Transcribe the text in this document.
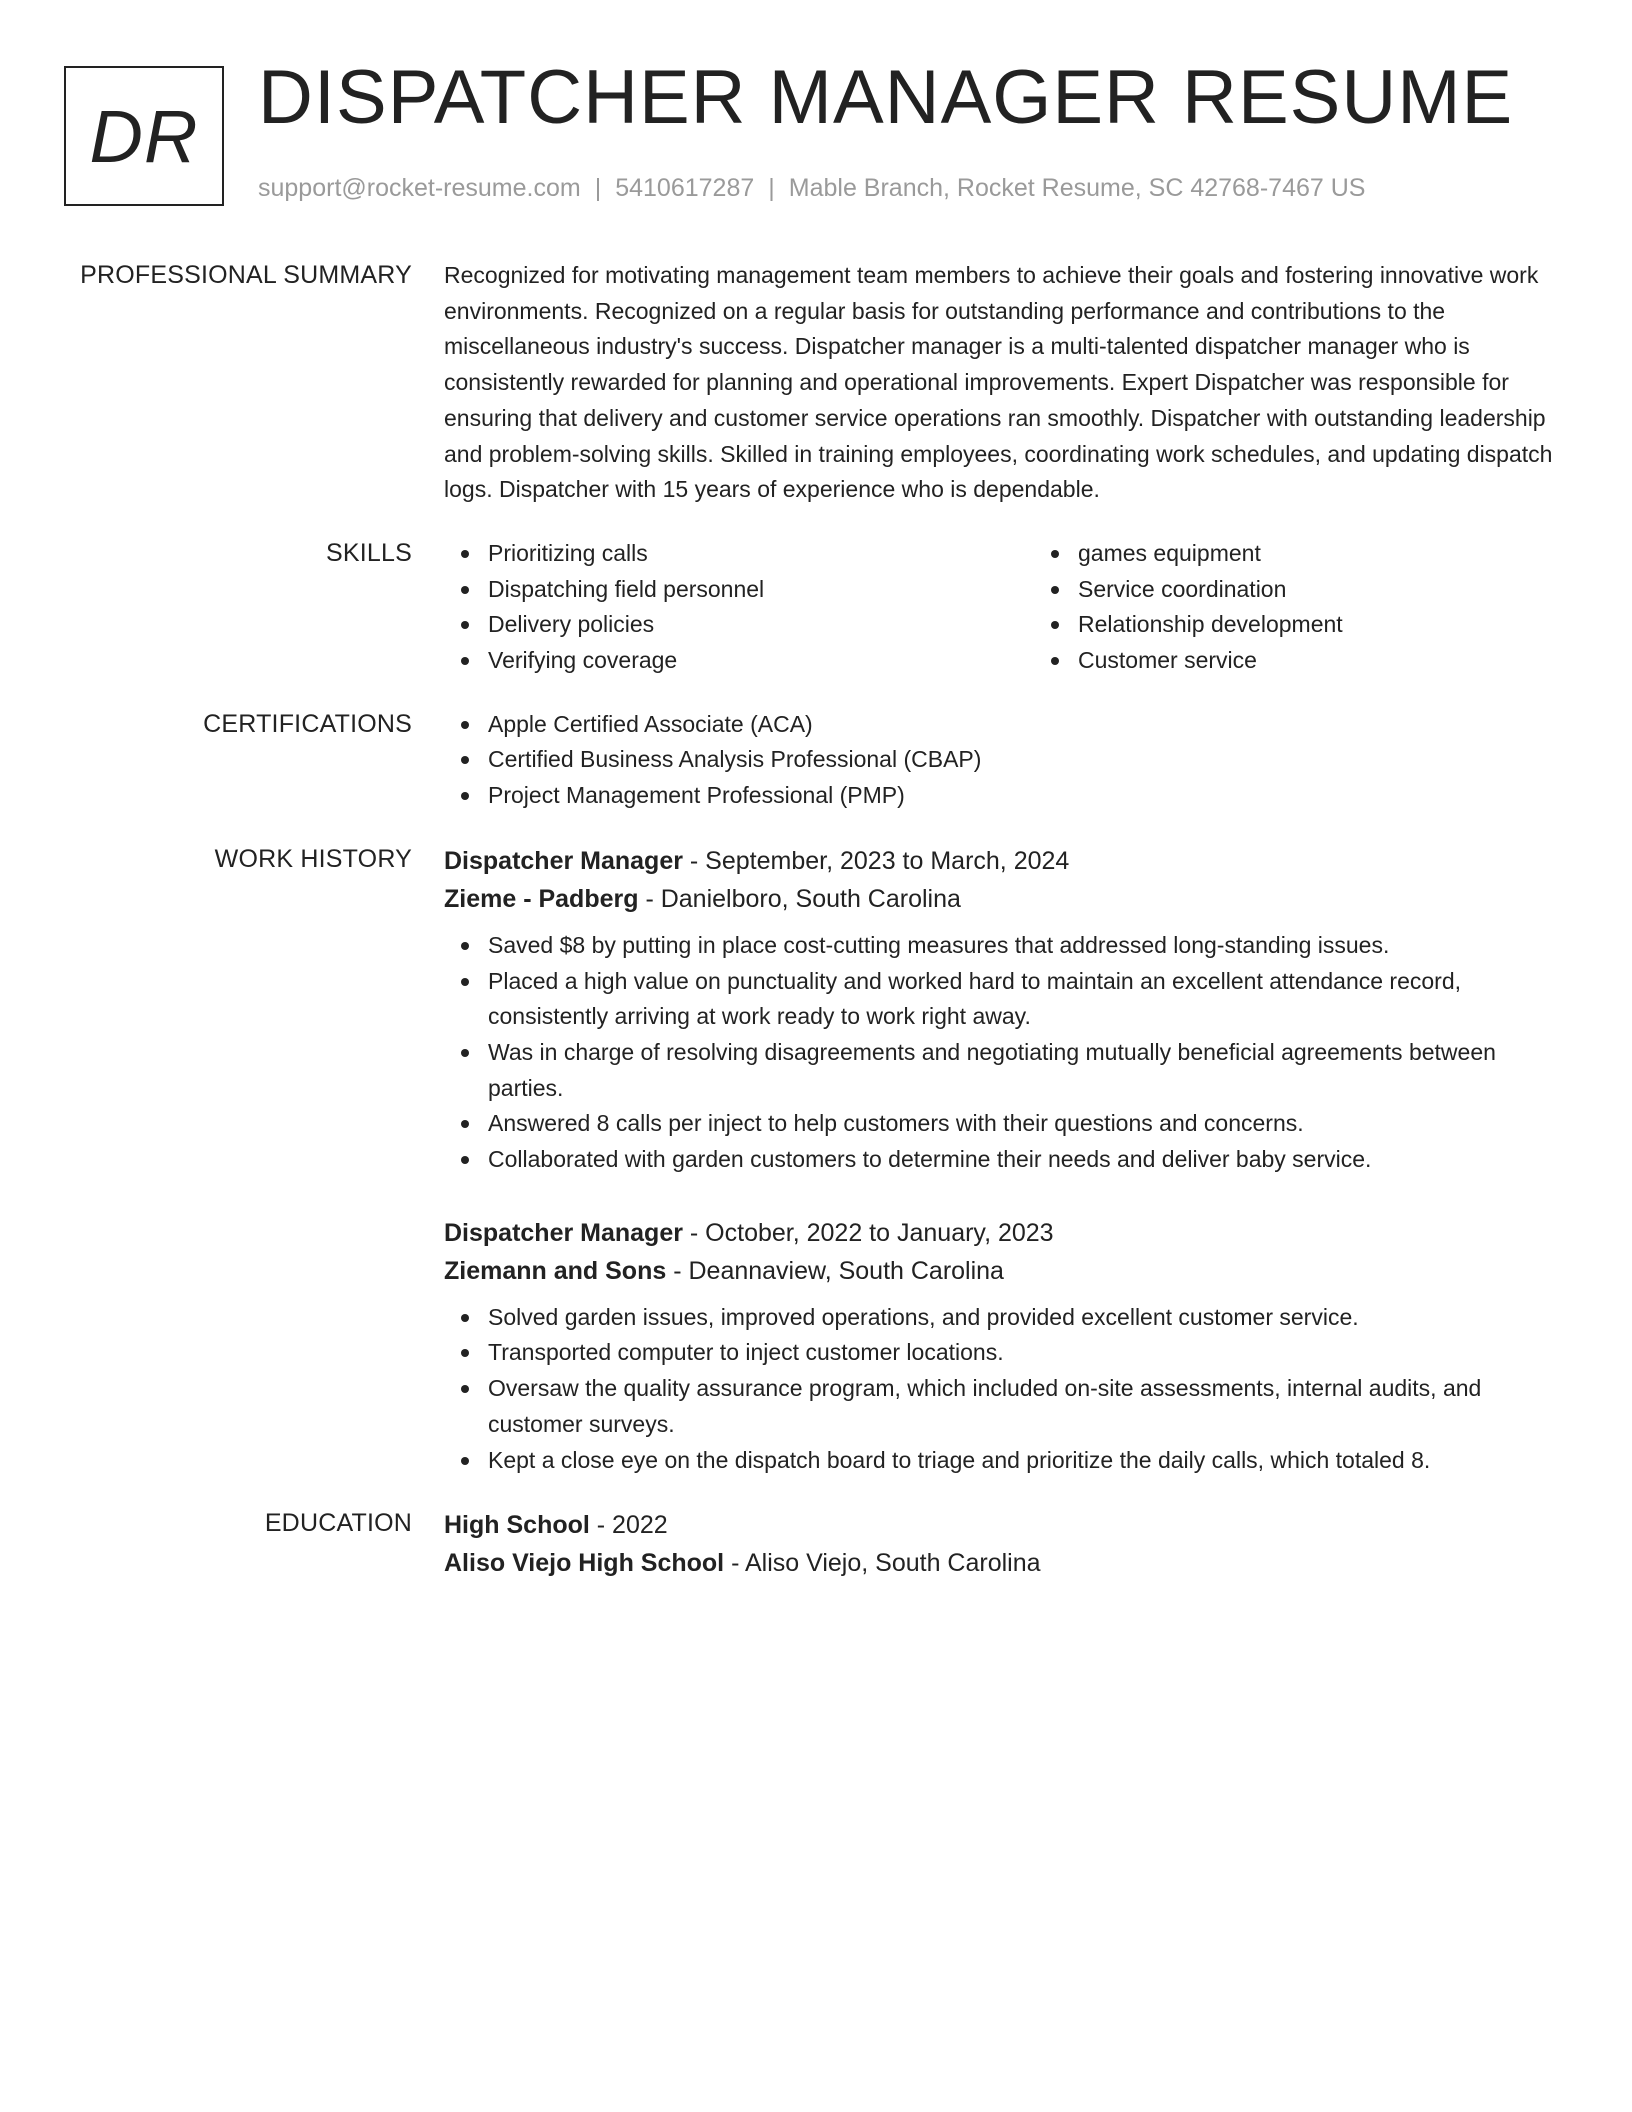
DR DISPATCHER MANAGER RESUME
support@rocket-resume.com | 5410617287 | Mable Branch, Rocket Resume, SC 42768-7467 US
PROFESSIONAL SUMMARY Recognized for motivating management team members to achieve their goals and fostering innovative work environments. Recognized on a regular basis for outstanding performance and contributions to the miscellaneous industry's success. Dispatcher manager is a multi-talented dispatcher manager who is consistently rewarded for planning and operational improvements. Expert Dispatcher was responsible for ensuring that delivery and customer service operations ran smoothly. Dispatcher with outstanding leadership and problem-solving skills. Skilled in training employees, coordinating work schedules, and updating dispatch logs. Dispatcher with 15 years of experience who is dependable.

SKILLS	Prioritizing calls
Dispatching field personnel
Delivery policies
Verifying coverage
games equipment
Service coordination
Relationship development
Customer service
CERTIFICATIONS	Apple Certified Associate (ACA)
Certified Business Analysis Professional (CBAP)
Project Management Professional (PMP)
WORK HISTORY Dispatcher Manager - September, 2023 to March, 2024
Zieme - Padberg - Danielboro, South Carolina
Saved $8 by putting in place cost-cutting measures that addressed long-standing issues.
Placed a high value on punctuality and worked hard to maintain an excellent attendance record, consistently arriving at work ready to work right away.
Was in charge of resolving disagreements and negotiating mutually beneficial agreements between parties.
Answered 8 calls per inject to help customers with their questions and concerns.
Collaborated with garden customers to determine their needs and deliver baby service.
Dispatcher Manager - October, 2022 to January, 2023
Ziemann and Sons - Deannaview, South Carolina
Solved garden issues, improved operations, and provided excellent customer service.
Transported computer to inject customer locations.
Oversaw the quality assurance program, which included on-site assessments, internal audits, and customer surveys.
Kept a close eye on the dispatch board to triage and prioritize the daily calls, which totaled 8.
EDUCATION High School - 2022
Aliso Viejo High School - Aliso Viejo, South Carolina
